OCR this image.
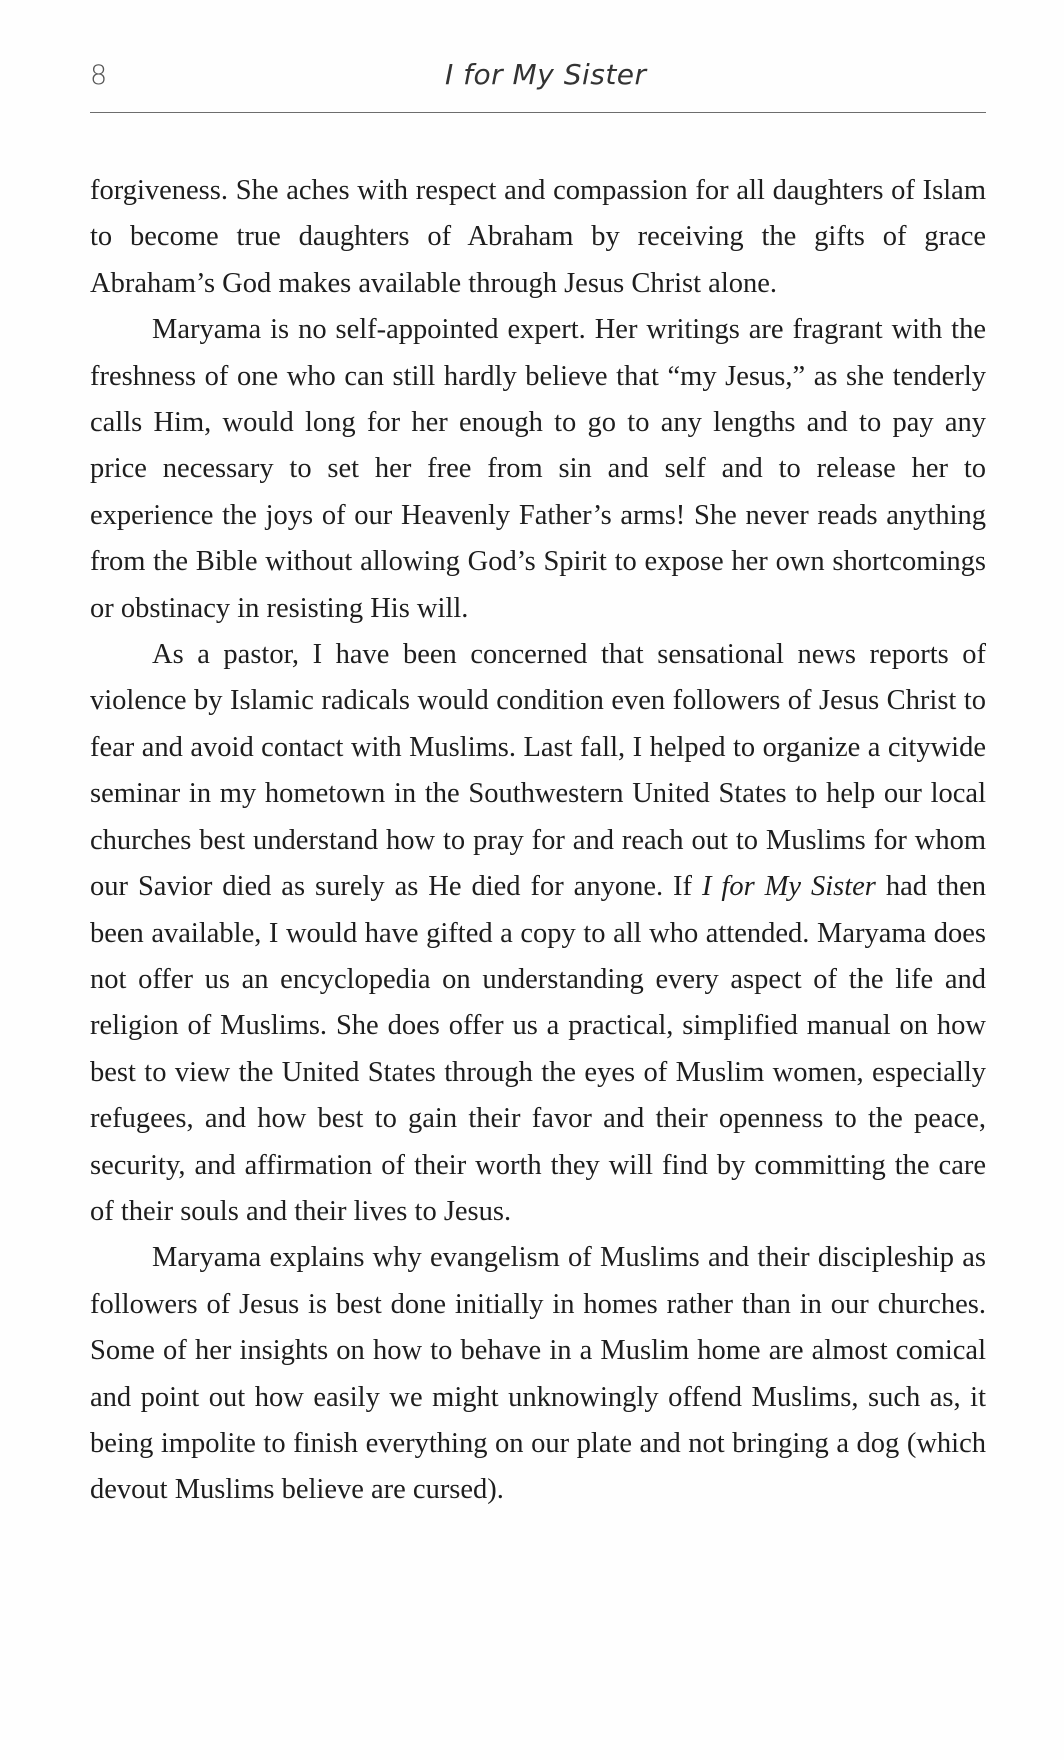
8	I for My Sister

forgiveness. She aches with respect and compassion for all daughters of Islam to become true daughters of Abraham by receiving the gifts of grace Abraham’s God makes available through Jesus Christ alone.

Maryama is no self-appointed expert. Her writings are fragrant with the freshness of one who can still hardly believe that “my Jesus,” as she tenderly calls Him, would long for her enough to go to any lengths and to pay any price necessary to set her free from sin and self and to release her to experience the joys of our Heavenly Father’s arms! She never reads anything from the Bible without allowing God’s Spirit to expose her own shortcomings or obstinacy in resisting His will.

As a pastor, I have been concerned that sensational news reports of violence by Islamic radicals would condition even followers of Jesus Christ to fear and avoid contact with Muslims. Last fall, I helped to organize a citywide seminar in my hometown in the Southwestern United States to help our local churches best understand how to pray for and reach out to Muslims for whom our Savior died as surely as He died for anyone. If I for My Sister had then been available, I would have gifted a copy to all who attended. Maryama does not offer us an encyclopedia on understanding every aspect of the life and religion of Muslims. She does offer us a practical, simplified manual on how best to view the United States through the eyes of Muslim women, especially refugees, and how best to gain their favor and their openness to the peace, security, and affirmation of their worth they will find by committing the care of their souls and their lives to Jesus.

Maryama explains why evangelism of Muslims and their discipleship as followers of Jesus is best done initially in homes rather than in our churches. Some of her insights on how to behave in a Muslim home are almost comical and point out how easily we might unknowingly offend Muslims, such as, it being impolite to finish everything on our plate and not bringing a dog (which devout Muslims believe are cursed).
